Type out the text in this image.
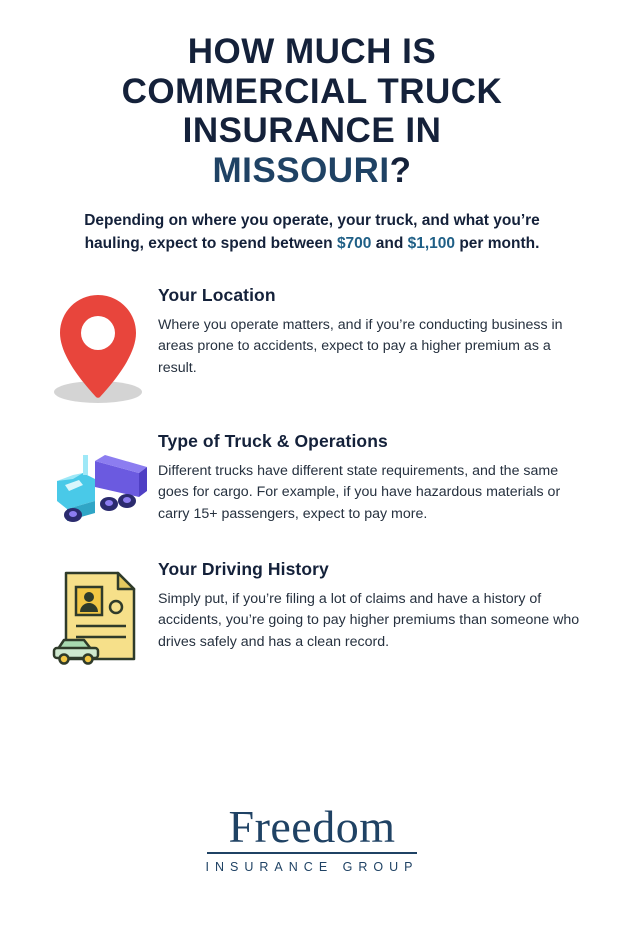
HOW MUCH IS
COMMERCIAL TRUCK
INSURANCE IN
MISSOURI?

Depending on where you operate, your truck, and what you’re hauling, expect to spend between $700 and $1,100 per month.

Your Location

Where you operate matters, and if you’re conducting business in areas prone to accidents, expect to pay a higher premium as a result.

Type of Truck & Operations

Different trucks have different state requirements, and the same goes for cargo. For example, if you have hazardous materials or carry 15+ passengers, expect to pay more.

Your Driving History

Simply put, if you’re filing a lot of claims and have a history of accidents, you’re going to pay higher premiums than someone who drives safely and has a clean record.

Freedom
INSURANCE GROUP
